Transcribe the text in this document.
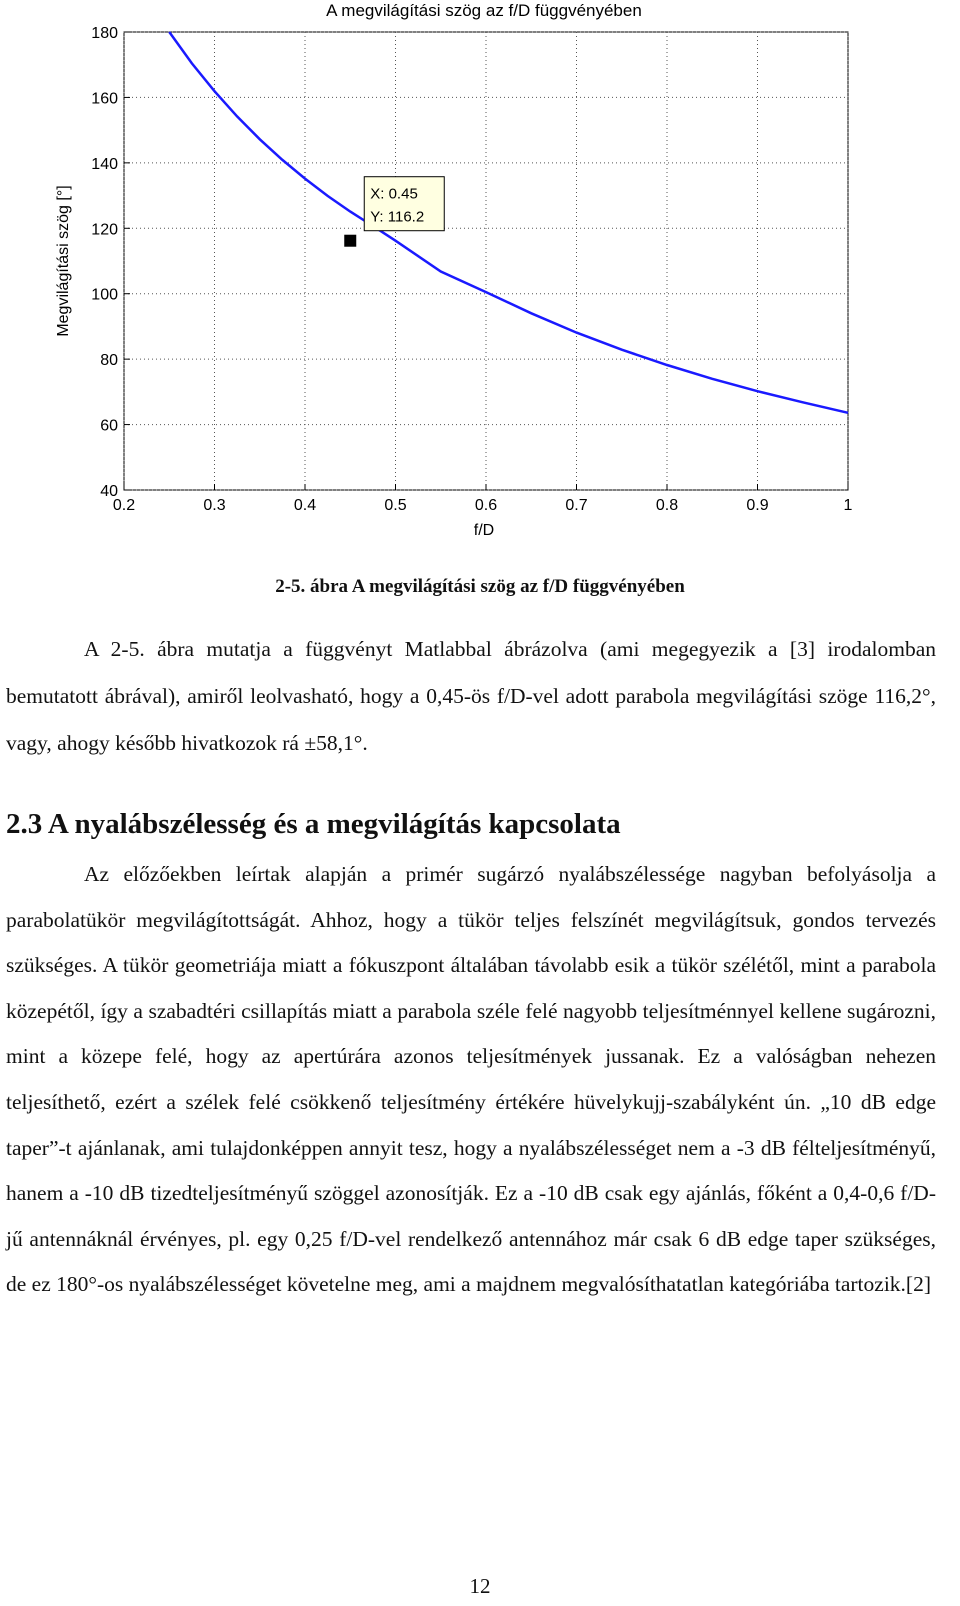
A megvilágítási szög az f/D függvényében
0.2	0.3	0.4	0.5	0.6	0.7	0.8	0.9	1
40
60
80
100
120
140
160
180
X: 0.45
Y: 116.2
f/D
Megvilágítási szög [°]
2-5. ábra A megvilágítási szög az f/D függvényében

A 2-5. ábra mutatja a függvényt Matlabbal ábrázolva (ami megegyezik a [3] irodalomban bemutatott ábrával), amiről leolvasható, hogy a 0,45-ös f/D-vel adott parabola megvilágítási szöge 116,2°, vagy, ahogy később hivatkozok rá ±58,1°.

2.3 A nyalábszélesség és a megvilágítás kapcsolata

Az előzőekben leírtak alapján a primér sugárzó nyalábszélessége nagyban befolyásolja a parabolatükör megvilágítottságát. Ahhoz, hogy a tükör teljes felszínét megvilágítsuk, gondos tervezés szükséges. A tükör geometriája miatt a fókuszpont általában távolabb esik a tükör szélétől, mint a parabola közepétől, így a szabadtéri csillapítás miatt a parabola széle felé nagyobb teljesítménnyel kellene sugározni, mint a közepe felé, hogy az apertúrára azonos teljesítmények jussanak. Ez a valóságban nehezen teljesíthető, ezért a szélek felé csökkenő teljesítmény értékére hüvelykujj-szabályként ún. „10 dB edge taper”-t ajánlanak, ami tulajdonképpen annyit tesz, hogy a nyalábszélességet nem a -3 dB félteljesítményű, hanem a -10 dB tizedteljesítményű szöggel azonosítják. Ez a -10 dB csak egy ajánlás, főként a 0,4-0,6 f/D-jű antennáknál érvényes, pl. egy 0,25 f/D-vel rendelkező antennához már csak 6 dB edge taper szükséges, de ez 180°-os nyalábszélességet követelne meg, ami a majdnem megvalósíthatatlan kategóriába tartozik.[2]

12
